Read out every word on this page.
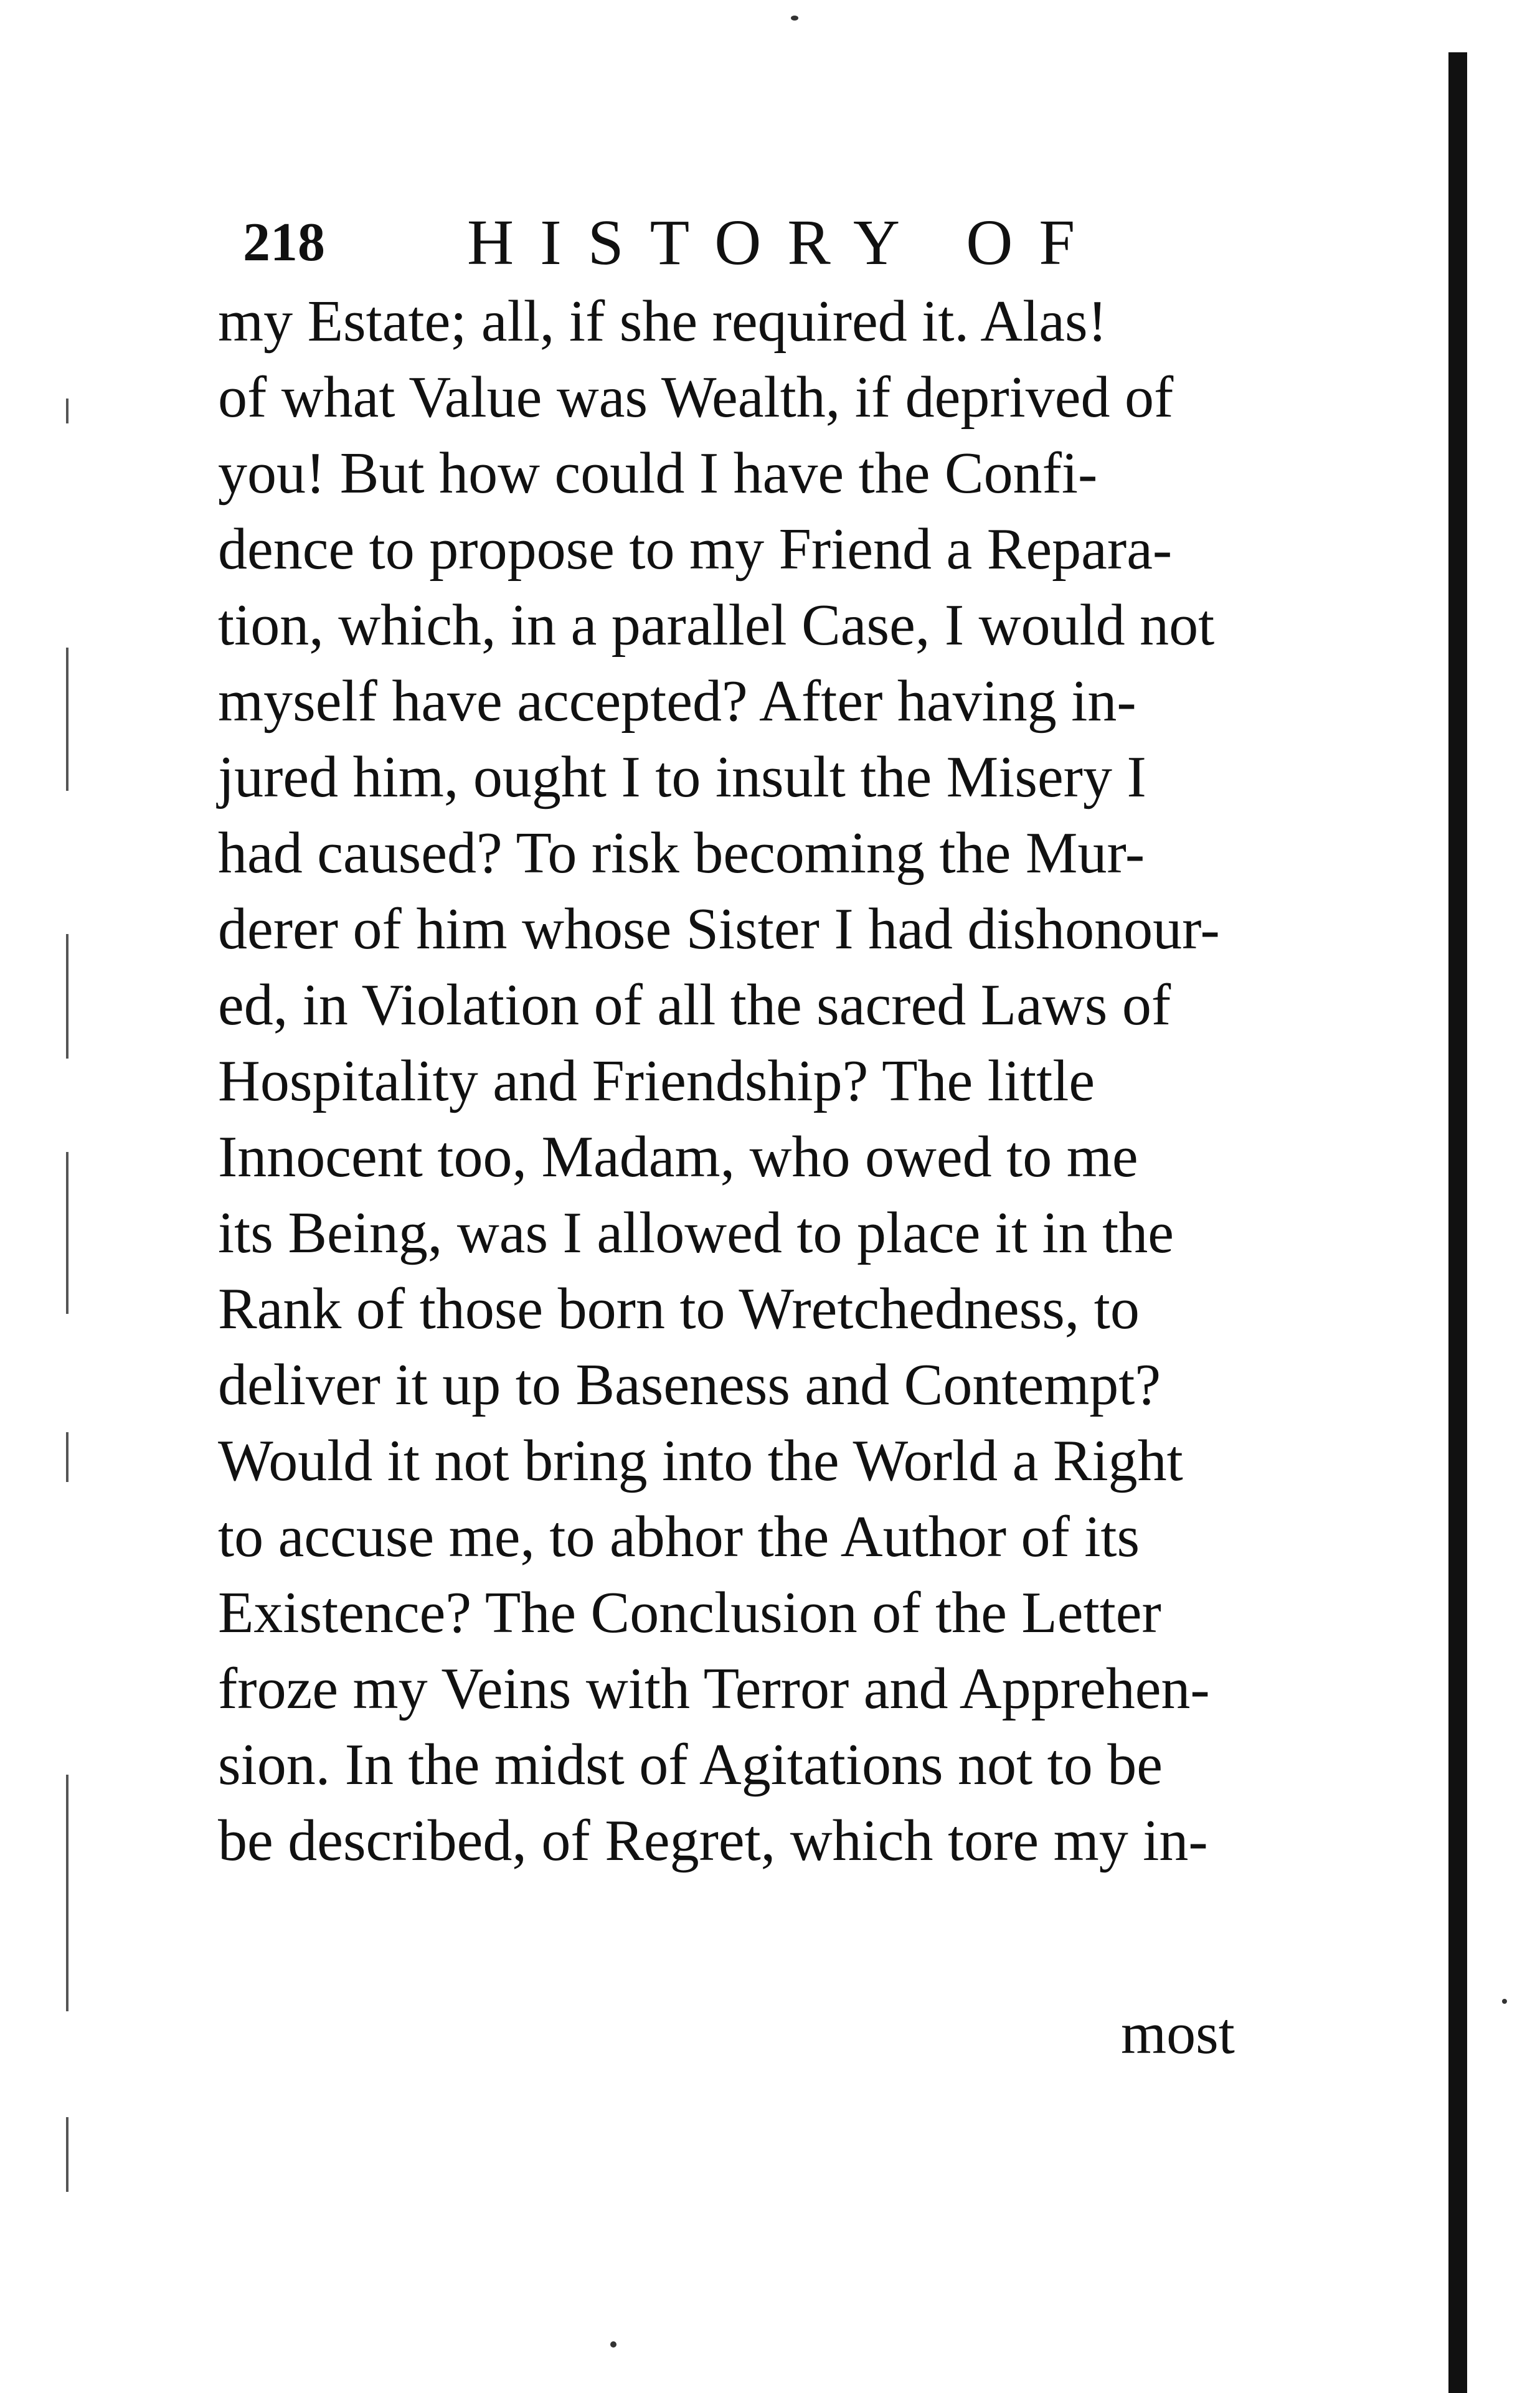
218 HISTORY OF
my Estate; all, if she required it. Alas!
of what Value was Wealth, if deprived of
you! But how could I have the Confi-
dence to propose to my Friend a Repara-
tion, which, in a parallel Case, I would not
myself have accepted? After having in-
jured him, ought I to insult the Misery I
had caused? To risk becoming the Mur-
derer of him whose Sister I had dishonour-
ed, in Violation of all the sacred Laws of
Hospitality and Friendship? The little
Innocent too, Madam, who owed to me
its Being, was I allowed to place it in the
Rank of those born to Wretchedness, to
deliver it up to Baseness and Contempt?
Would it not bring into the World a Right
to accuse me, to abhor the Author of its
Existence? The Conclusion of the Letter
froze my Veins with Terror and Apprehen-
sion. In the midst of Agitations not to be
be described, of Regret, which tore my in-
most
